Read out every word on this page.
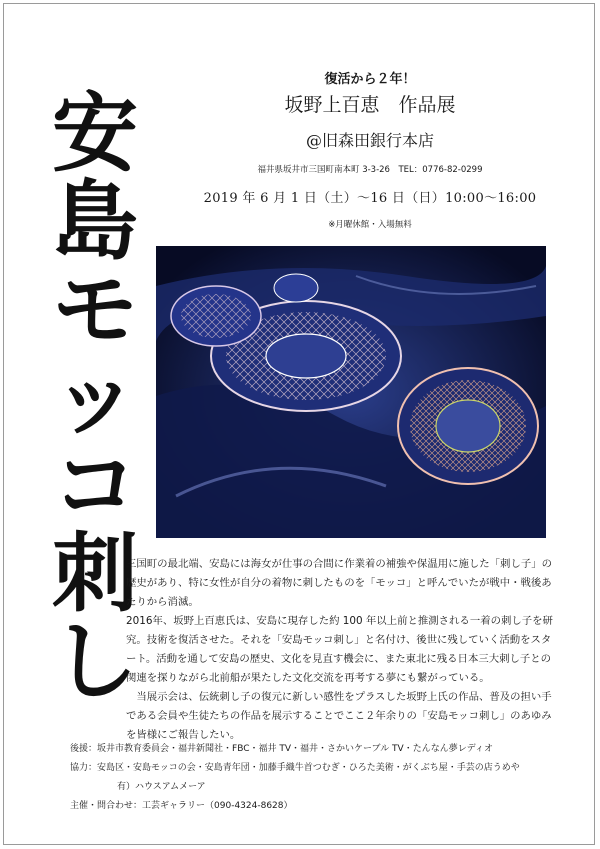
安
島
モ
ッ
コ
刺
し
復活から２年！
坂野上百恵　作品展
@旧森田銀行本店
福井県坂井市三国町南本町 3-3-26　TEL：0776-82-0299
2019 年 6 月 1 日（土）〜16 日（日）10:00〜16:00
※月曜休館・入場無料

三国町の最北端、安島には海女が仕事の合間に作業着の補強や保温用に施した「刺し子」の歴史があり、特に女性が自分の着物に刺したものを「モッコ」と呼んでいたが戦中・戦後あたりから消滅。

2016年、坂野上百恵氏は、安島に現存した約 100 年以上前と推測される一着の刺し子を研究。技術を復活させた。それを「安島モッコ刺し」と名付け、後世に残していく活動をスタート。活動を通して安島の歴史、文化を見直す機会に、また東北に残る日本三大刺し子との関連を探りながら北前船が果たした文化交流を再考する夢にも繋がっている。

当展示会は、伝統刺し子の復元に新しい感性をプラスした坂野上氏の作品、普及の担い手である会員や生徒たちの作品を展示することでここ２年余りの「安島モッコ刺し」のあゆみを皆様にご報告したい。

後援： 坂井市教育委員会・福井新聞社・FBC・福井 TV・福井・さかいケーブル TV・たんなん夢レディオ
協力： 安島区・安島モッコの会・安島青年団・加藤手織牛首つむぎ・ひろた美術・がくぶち屋・手芸の店うめや
有）ハウスアムメーア
主催・問合わせ： 工芸ギャラリー（090-4324-8628）
